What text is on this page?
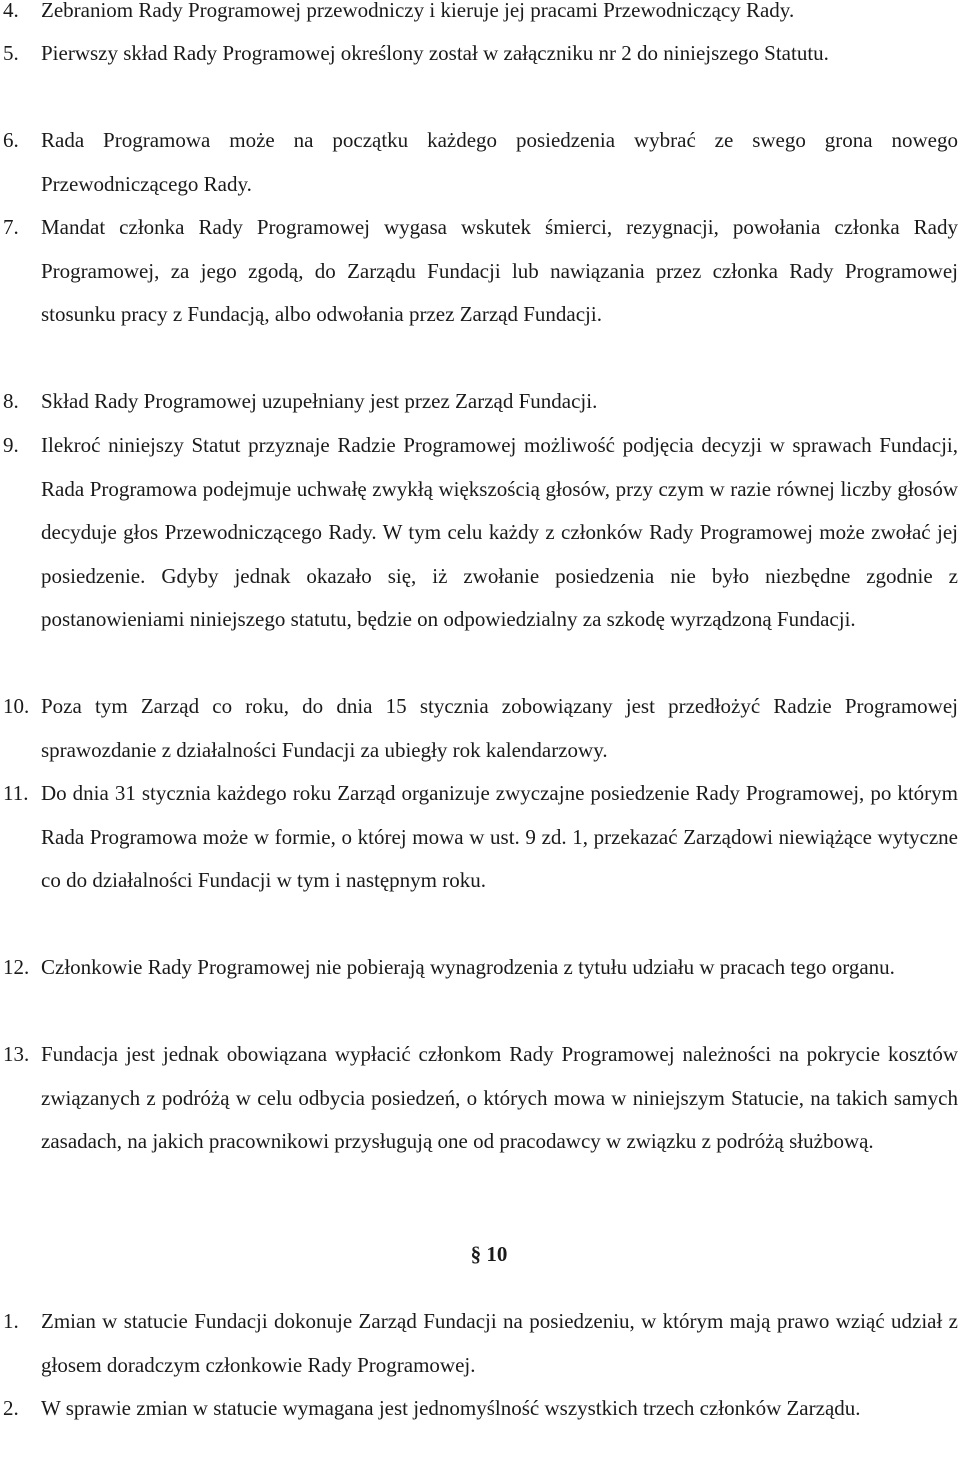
4. Zebraniom Rady Programowej przewodniczy i kieruje jej pracami Przewodniczący Rady.
5. Pierwszy skład Rady Programowej określony został w załączniku nr 2 do niniejszego Statutu.
6. Rada Programowa może na początku każdego posiedzenia wybrać ze swego grona nowego Przewodniczącego Rady.
7. Mandat członka Rady Programowej wygasa wskutek śmierci, rezygnacji, powołania członka Rady Programowej, za jego zgodą, do Zarządu Fundacji lub nawiązania przez członka Rady Programowej stosunku pracy z Fundacją, albo odwołania przez Zarząd Fundacji.
8. Skład Rady Programowej uzupełniany jest przez Zarząd Fundacji.
9. Ilekroć niniejszy Statut przyznaje Radzie Programowej możliwość podjęcia decyzji w sprawach Fundacji, Rada Programowa podejmuje uchwałę zwykłą większością głosów, przy czym w razie równej liczby głosów decyduje głos Przewodniczącego Rady. W tym celu każdy z członków Rady Programowej może zwołać jej posiedzenie. Gdyby jednak okazało się, iż zwołanie posiedzenia nie było niezbędne zgodnie z postanowieniami niniejszego statutu, będzie on odpowiedzialny za szkodę wyrządzoną Fundacji.
10. Poza tym Zarząd co roku, do dnia 15 stycznia zobowiązany jest przedłożyć Radzie Programowej sprawozdanie z działalności Fundacji za ubiegły rok kalendarzowy.
11. Do dnia 31 stycznia każdego roku Zarząd organizuje zwyczajne posiedzenie Rady Programowej, po którym Rada Programowa może w formie, o której mowa w ust. 9 zd. 1, przekazać Zarządowi niewiążące wytyczne co do działalności Fundacji w tym i następnym roku.
12. Członkowie Rady Programowej nie pobierają wynagrodzenia z tytułu udziału w pracach tego organu.
13. Fundacja jest jednak obowiązana wypłacić członkom Rady Programowej należności na pokrycie kosztów związanych z podróżą w celu odbycia posiedzeń, o których mowa w niniejszym Statucie, na takich samych zasadach, na jakich pracownikowi przysługują one od pracodawcy w związku z podróżą służbową.
§ 10
1. Zmian w statucie Fundacji dokonuje Zarząd Fundacji na posiedzeniu, w którym mają prawo wziąć udział z głosem doradczym członkowie Rady Programowej.
2. W sprawie zmian w statucie wymagana jest jednomyślność wszystkich trzech członków Zarządu.
